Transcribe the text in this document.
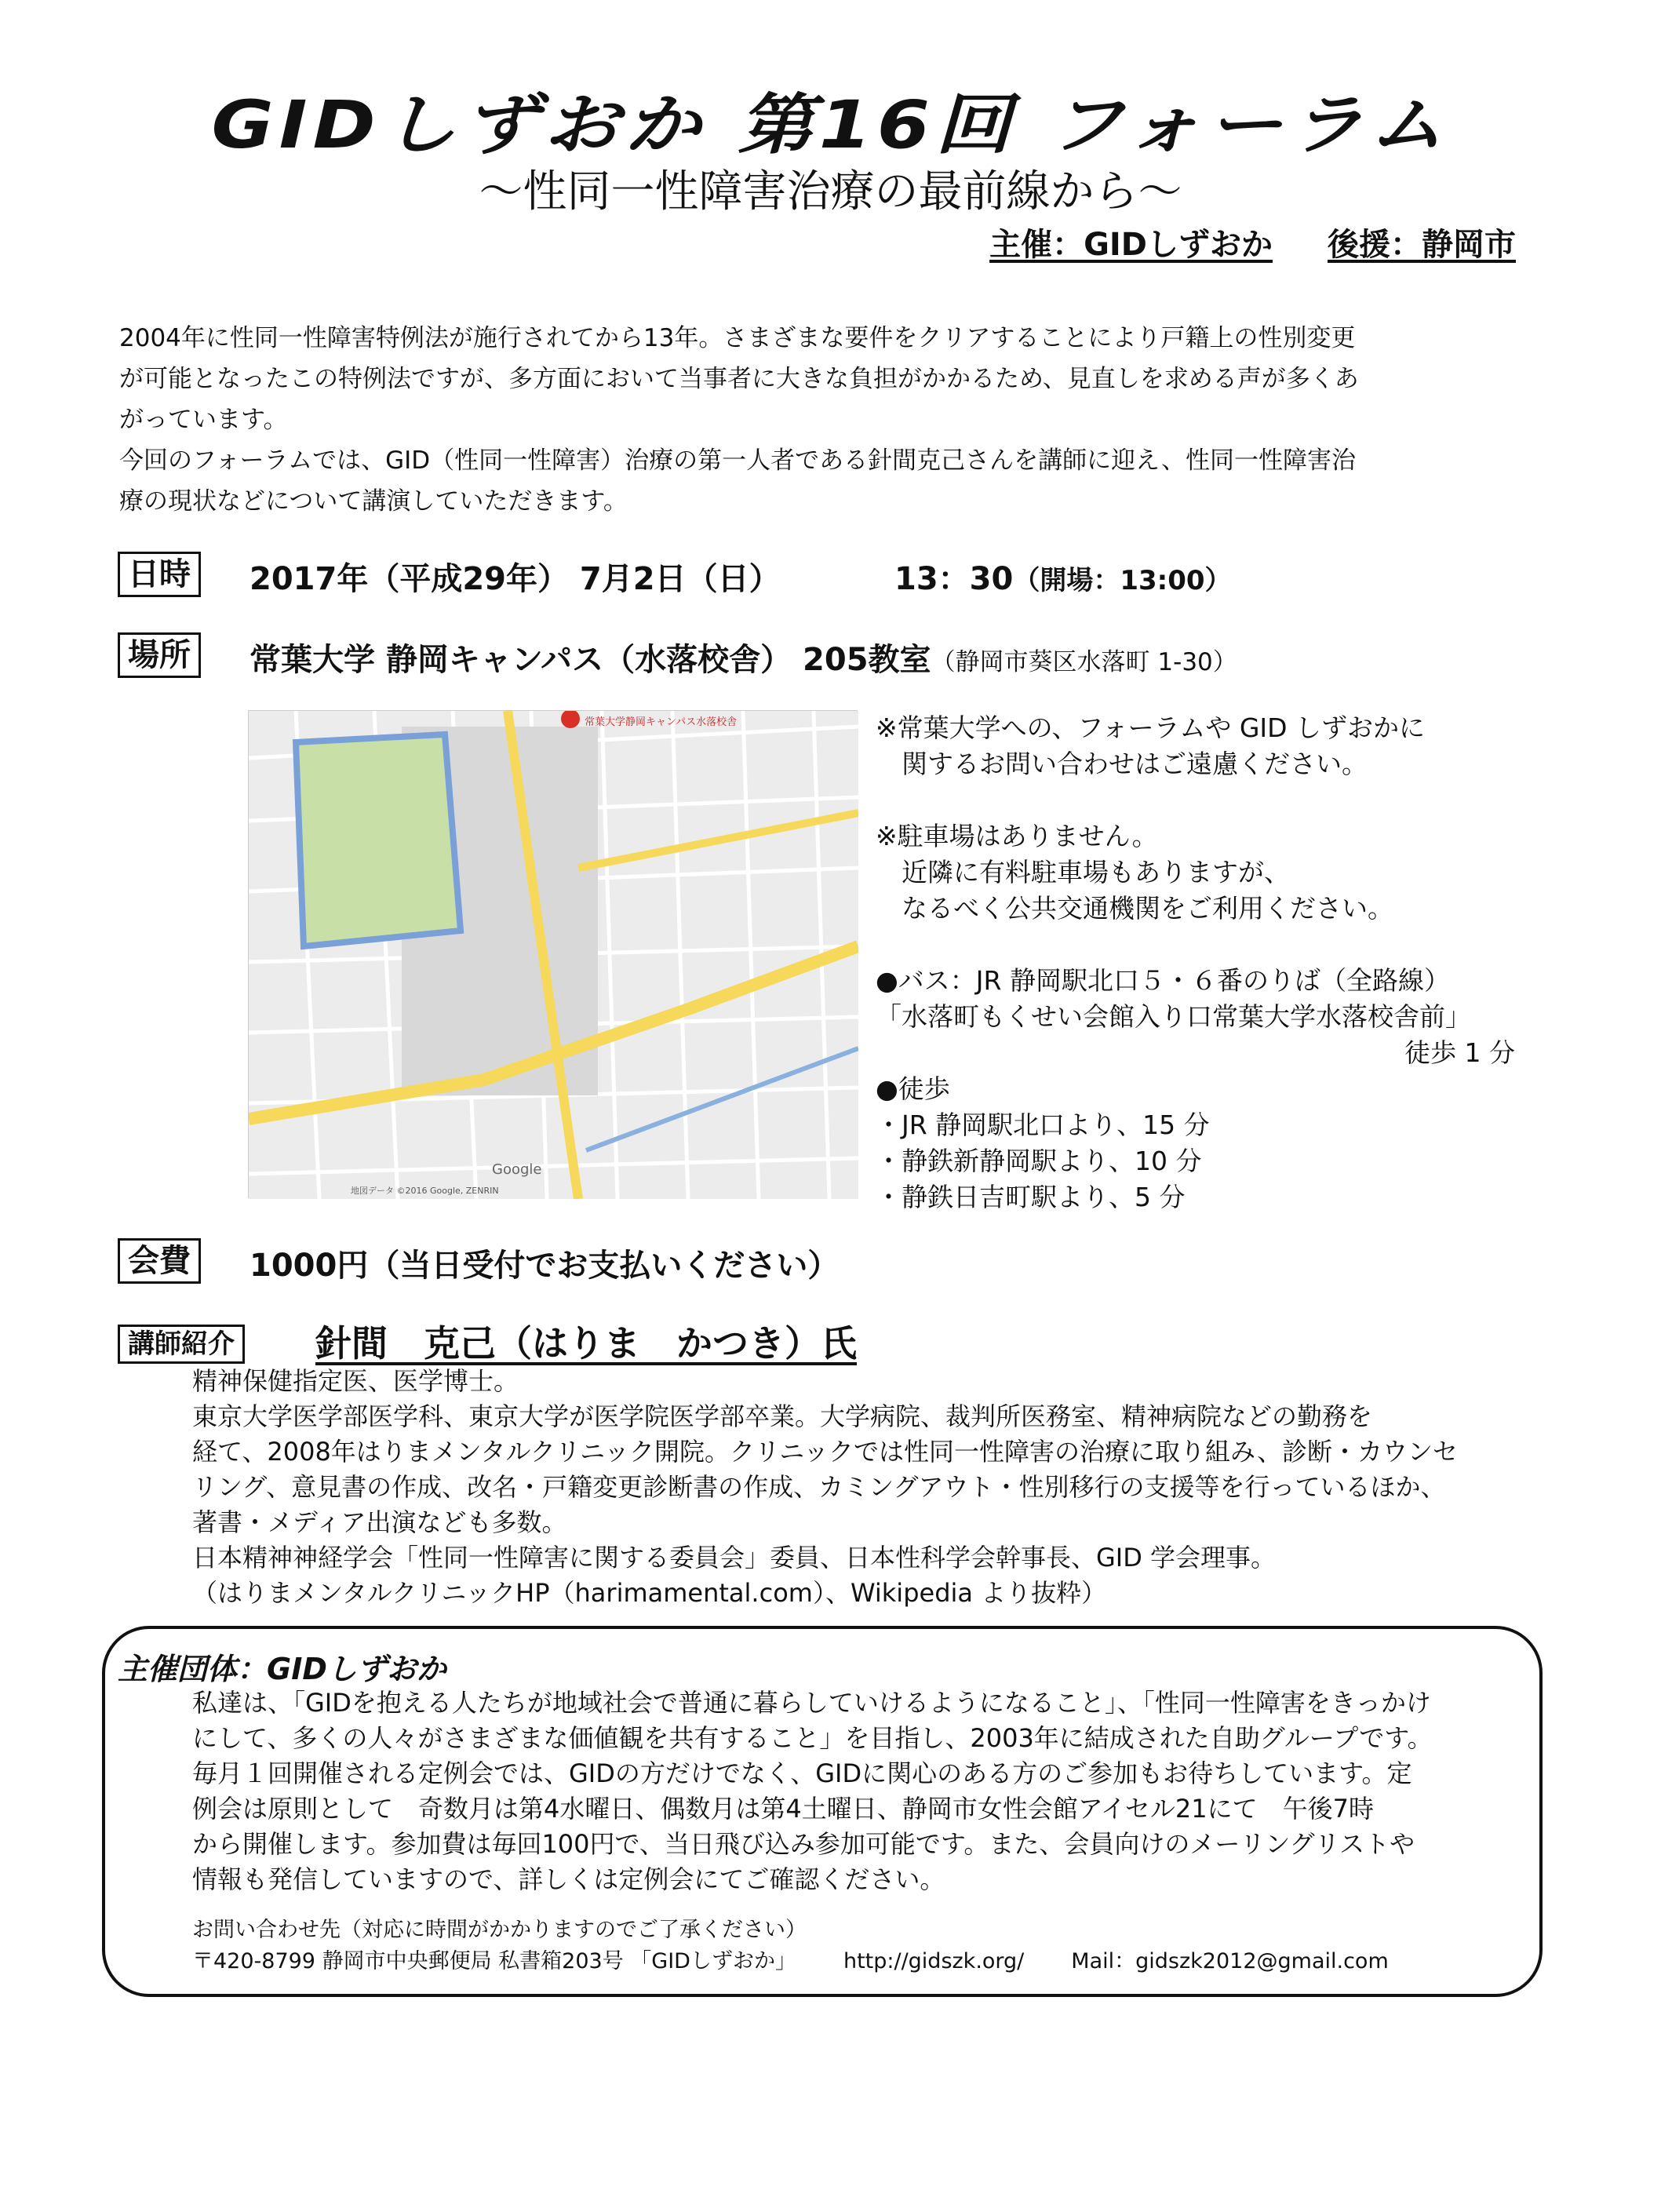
GIDしずおか 第16回 フォーラム
～性同一性障害治療の最前線から～
主催：GIDしずおか 後援：静岡市

2004年に性同一性障害特例法が施行されてから13年。さまざまな要件をクリアすることにより戸籍上の性別変更

が可能となったこの特例法ですが、多方面において当事者に大きな負担がかかるため、見直しを求める声が多くあ

がっています。

今回のフォーラムでは、GID（性同一性障害）治療の第一人者である針間克己さんを講師に迎え、性同一性障害治

療の現状などについて講演していただきます。

日時	2017年（平成29年） 7月2日（日）	13：30（開場：13:00）
場所	常葉大学 静岡キャンパス（水落校舎） 205教室（静岡市葵区水落町 1-30）
常葉大学静岡キャンパス水落校舎
Google
地図データ ©2016 Google, ZENRIN
※常葉大学への、フォーラムや GID しずおかに
　関するお問い合わせはご遠慮ください。
※駐車場はありません。
　近隣に有料駐車場もありますが、
　なるべく公共交通機関をご利用ください。
●バス：JR 静岡駅北口５・６番のりば（全路線）
「水落町もくせい会館入り口常葉大学水落校舎前」
徒歩 1 分
●徒歩
・JR 静岡駅北口より、15 分
・静鉄新静岡駅より、10 分
・静鉄日吉町駅より、5 分
会費	1000円（当日受付でお支払いください）
講師紹介 針間　克己（はりま　かつき）氏
精神保健指定医、医学博士。
東京大学医学部医学科、東京大学が医学院医学部卒業。大学病院、裁判所医務室、精神病院などの勤務を
経て、2008年はりまメンタルクリニック開院。クリニックでは性同一性障害の治療に取り組み、診断・カウンセ
リング、意見書の作成、改名・戸籍変更診断書の作成、カミングアウト・性別移行の支援等を行っているほか、
著書・メディア出演なども多数。
日本精神神経学会「性同一性障害に関する委員会」委員、日本性科学会幹事長、GID 学会理事。
（はりまメンタルクリニックHP（harimamental.com）、Wikipedia より抜粋）
主催団体：GIDしずおか
私達は、「GIDを抱える人たちが地域社会で普通に暮らしていけるようになること」、「性同一性障害をきっかけ
にして、多くの人々がさまざまな価値観を共有すること」を目指し、2003年に結成された自助グループです。
毎月１回開催される定例会では、GIDの方だけでなく、GIDに関心のある方のご参加もお待ちしています。定
例会は原則として　奇数月は第4水曜日、偶数月は第4土曜日、静岡市女性会館アイセル21にて　午後7時
から開催します。参加費は毎回100円で、当日飛び込み参加可能です。また、会員向けのメーリングリストや
情報も発信していますので、詳しくは定例会にてご確認ください。
お問い合わせ先（対応に時間がかかりますのでご了承ください）
〒420-8799 静岡市中央郵便局 私書箱203号 「GIDしずおか」 http://gidszk.org/ Mail：gidszk2012@gmail.com
